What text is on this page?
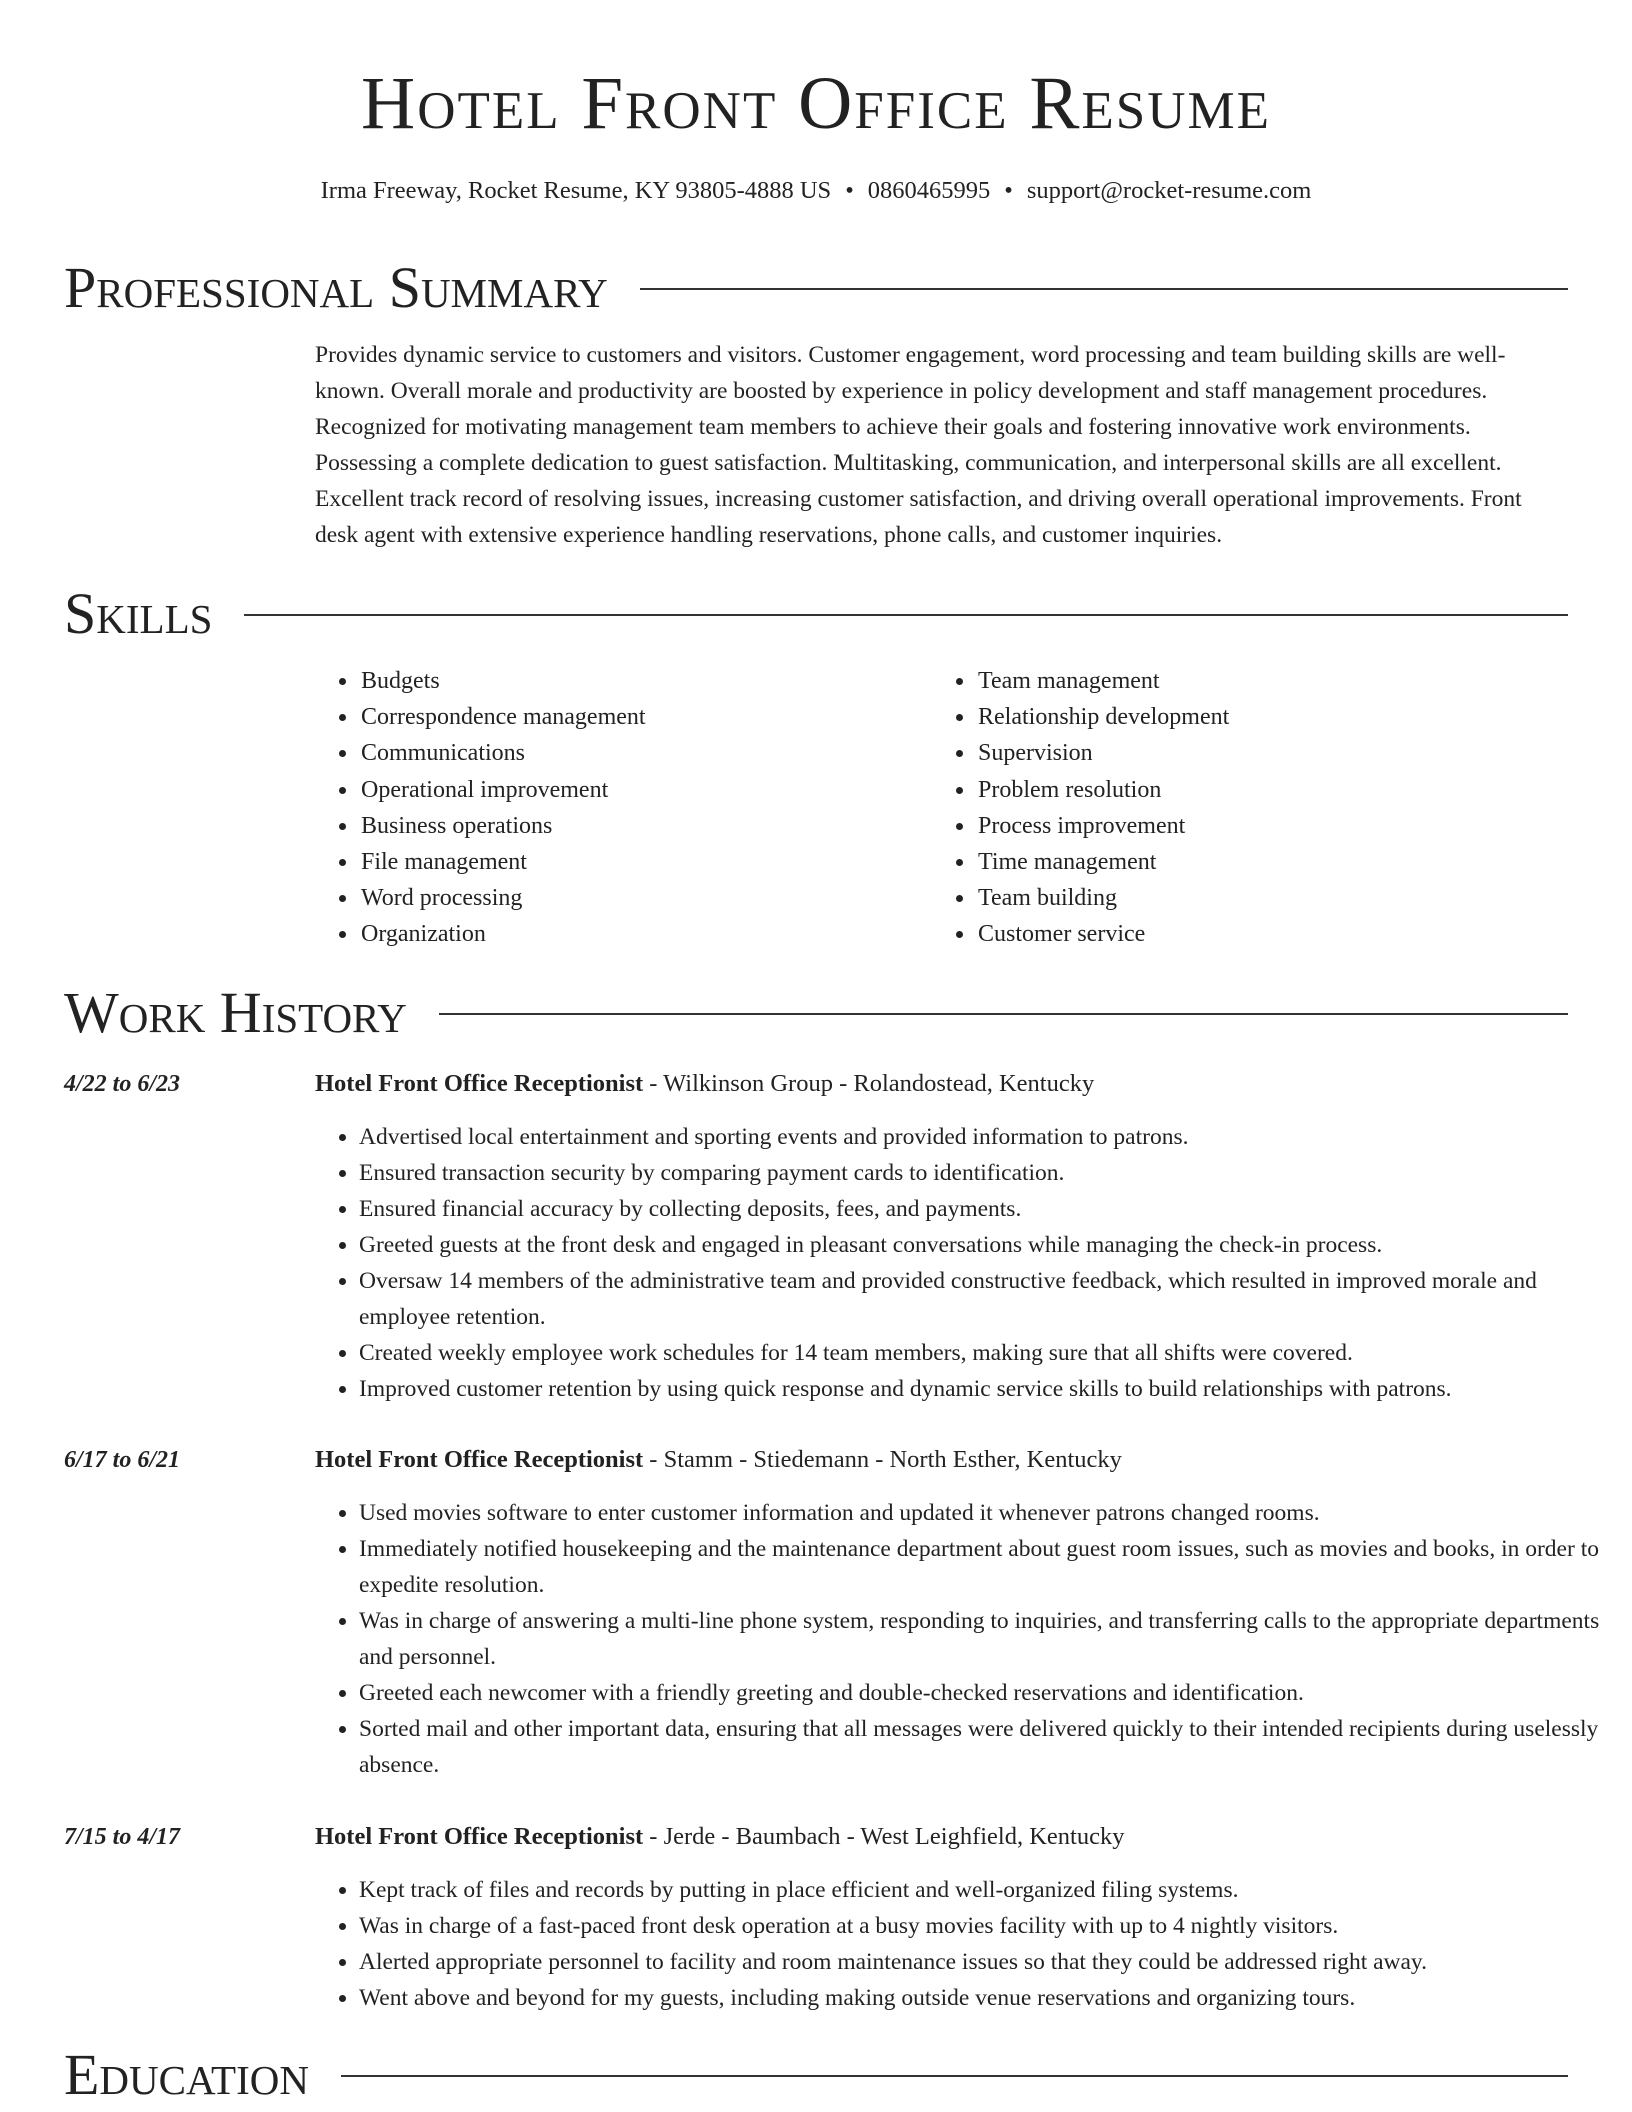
Hotel Front Office Resume
Irma Freeway, Rocket Resume, KY 93805-4888 US • 0860465995 • support@rocket-resume.com
Professional Summary

Provides dynamic service to customers and visitors. Customer engagement, word processing and team building skills are well-known. Overall morale and productivity are boosted by experience in policy development and staff management procedures. Recognized for motivating management team members to achieve their goals and fostering innovative work environments. Possessing a complete dedication to guest satisfaction. Multitasking, communication, and interpersonal skills are all excellent. Excellent track record of resolving issues, increasing customer satisfaction, and driving overall operational improvements. Front desk agent with extensive experience handling reservations, phone calls, and customer inquiries.

Skills
• Budgets
• Correspondence management
• Communications
• Operational improvement
• Business operations
• File management
• Word processing
• Organization
• Team management
• Relationship development
• Supervision
• Problem resolution
• Process improvement
• Time management
• Team building
• Customer service
Work History
4/22 to 6/23	Hotel Front Office Receptionist - Wilkinson Group - Rolandostead, Kentucky
• Advertised local entertainment and sporting events and provided information to patrons.
• Ensured transaction security by comparing payment cards to identification.
• Ensured financial accuracy by collecting deposits, fees, and payments.
• Greeted guests at the front desk and engaged in pleasant conversations while managing the check-in process.
• Oversaw 14 members of the administrative team and provided constructive feedback, which resulted in improved morale and employee retention.
• Created weekly employee work schedules for 14 team members, making sure that all shifts were covered.
• Improved customer retention by using quick response and dynamic service skills to build relationships with patrons.
6/17 to 6/21	Hotel Front Office Receptionist - Stamm - Stiedemann - North Esther, Kentucky
• Used movies software to enter customer information and updated it whenever patrons changed rooms.
• Immediately notified housekeeping and the maintenance department about guest room issues, such as movies and books, in order to expedite resolution.
• Was in charge of answering a multi-line phone system, responding to inquiries, and transferring calls to the appropriate departments and personnel.
• Greeted each newcomer with a friendly greeting and double-checked reservations and identification.
• Sorted mail and other important data, ensuring that all messages were delivered quickly to their intended recipients during uselessly absence.
7/15 to 4/17	Hotel Front Office Receptionist - Jerde - Baumbach - West Leighfield, Kentucky
• Kept track of files and records by putting in place efficient and well-organized filing systems.
• Was in charge of a fast-paced front desk operation at a busy movies facility with up to 4 nightly visitors.
• Alerted appropriate personnel to facility and room maintenance issues so that they could be addressed right away.
• Went above and beyond for my guests, including making outside venue reservations and organizing tours.
Education
